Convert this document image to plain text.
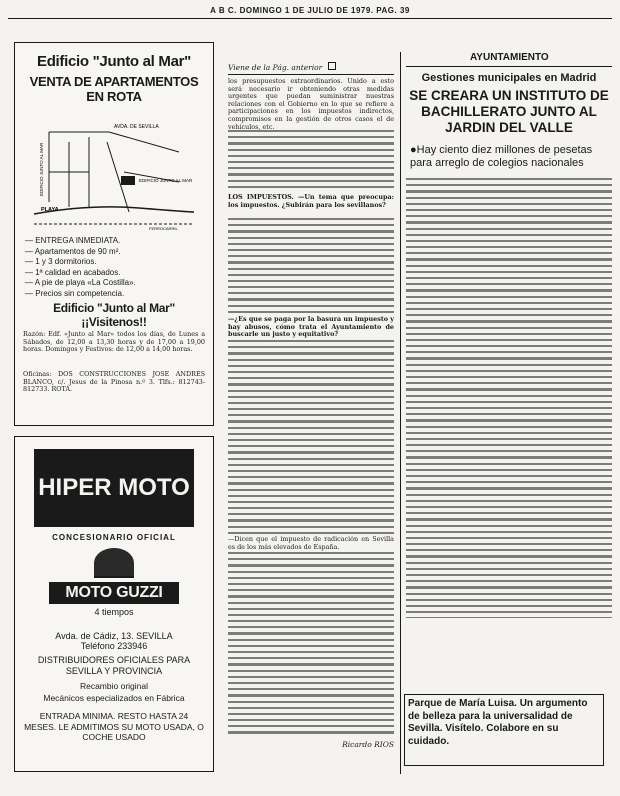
A B C. DOMINGO 1 DE JULIO DE 1979. PAG. 39
Edificio "Junto al Mar"
VENTA DE APARTAMENTOS EN ROTA
AVDA. DE SEVILLA
EDIFICIO JUNTO AL MAR	EDIFICIO JUNTO AL MAR
PLAYA
FERROCARRIL
— ENTREGA INMEDIATA.
— Apartamentos de 90 m².
— 1 y 3 dormitorios.
— 1ª calidad en acabados.
— A pie de playa «La Costilla».
— Precios sin competencia.
Edificio "Junto al Mar"
¡¡Visitenos!!
Razón: Edf. «Junto al Mar» todos los días, de Lunes a Sábados, de 12,00 a 13,30 horas y de 17,00 a 19,00 horas. Domingos y Festivos: de 12,00 a 14,00 horas.
Oficinas: DOS CONSTRUCCIONES JOSE ANDRES BLANCO, c/. Jesus de la Pinosa n.º 3. Tlfs.: 812743-812733. ROTA.
HIPER MOTO
CONCESIONARIO OFICIAL
MOTO GUZZI
4 tiempos
Avda. de Cádiz, 13. SEVILLA
Teléfono 233946
DISTRIBUIDORES OFICIALES PARA SEVILLA Y PROVINCIA
Recambio original
Mecánicos especializados en Fábrica
ENTRADA MINIMA. RESTO HASTA 24 MESES. LE ADMITIMOS SU MOTO USADA, O COCHE USADO
Viene de la Pág. anterior
los presupuestos extraordinarios. Unido a esto será necesario ir obteniendo otras medidas urgentes que puedan suministrar nuestras relaciones con el Gobierno en lo que se refiere a participaciones en los impuestos indirectos, compromisos en la gestión de otros casos el de vehículos, etc.
LOS IMPUESTOS. —Un tema que preocupa: los impuestos. ¿Subirán para los sevillanos?
—¿Es que se paga por la basura un impuesto y hay abusos, cómo trata el Ayuntamiento de buscarle un justo y equitativo?
—Dicen que el impuesto de radicación en Sevilla es de los más elevados de España.
Ricardo RIOS
AYUNTAMIENTO
Gestiones municipales en Madrid
SE CREARA UN INSTITUTO DE BACHILLERATO JUNTO AL JARDIN DEL VALLE
● Hay ciento diez millones de pesetas para arreglo de colegios nacionales
Parque de María Luisa. Un argumento de belleza para la universalidad de Sevilla. Visítelo. Colabore en su cuidado.
